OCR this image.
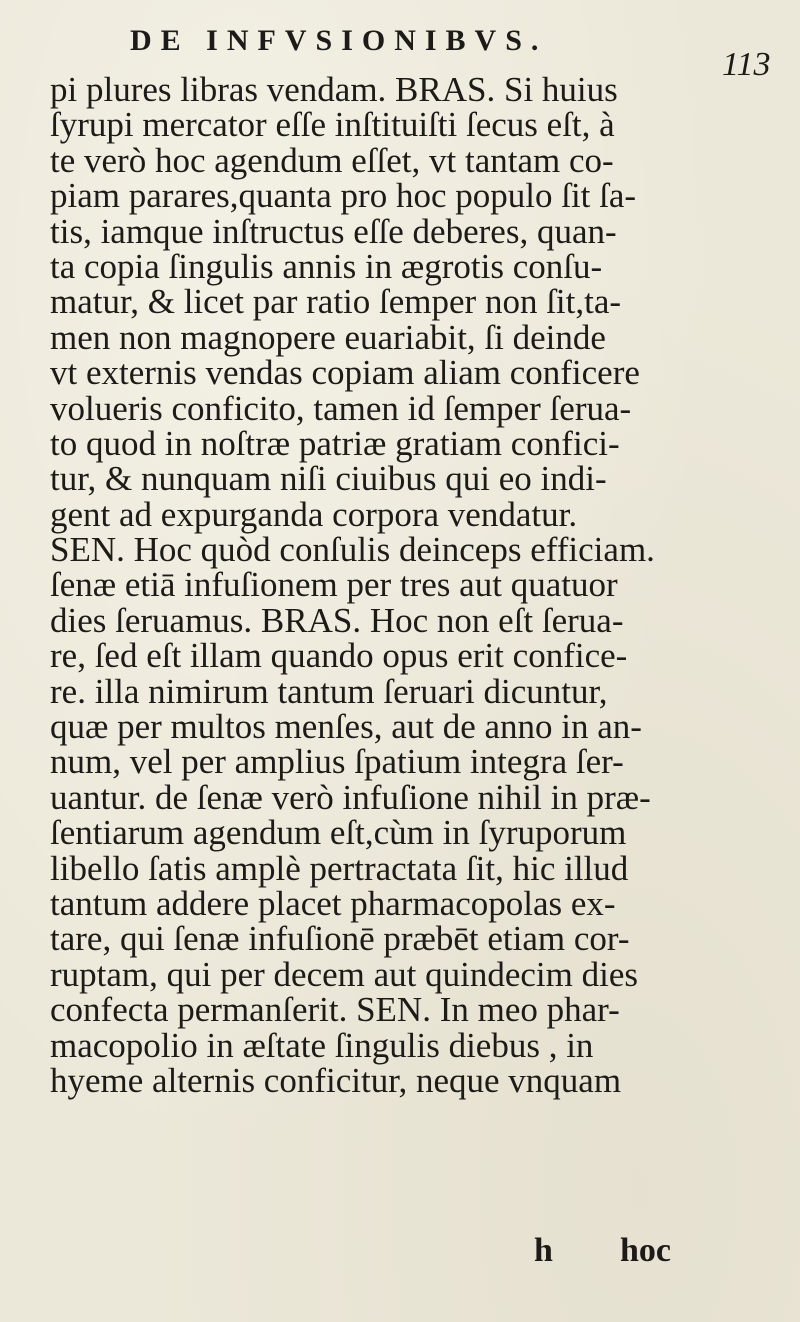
DE INFVSIONIBVS.
113
pi plures libras vendam. BRAS. Si huius
ſyrupi mercator eſſe inſtituiſti ſecus eſt, à
te verò hoc agendum eſſet, vt tantam co-
piam parares,quanta pro hoc populo ſit ſa-
tis, iamque inſtructus eſſe deberes, quan-
ta copia ſingulis annis in ægrotis conſu-
matur, & licet par ratio ſemper non ſit,ta-
men non magnopere euariabit, ſi deinde
vt externis vendas copiam aliam conficere
volueris conficito, tamen id ſemper ſerua-
to quod in noſtræ patriæ gratiam confici-
tur, & nunquam niſi ciuibus qui eo indi-
gent ad expurganda corpora vendatur.
SEN. Hoc quòd conſulis deinceps efficiam.
ſenæ etiā infuſionem per tres aut quatuor
dies ſeruamus. BRAS. Hoc non eſt ſerua-
re, ſed eſt illam quando opus erit confice-
re. illa nimirum tantum ſeruari dicuntur,
quæ per multos menſes, aut de anno in an-
num, vel per amplius ſpatium integra ſer-
uantur. de ſenæ verò infuſione nihil in præ-
ſentiarum agendum eſt,cùm in ſyruporum
libello ſatis amplè pertractata ſit, hic illud
tantum addere placet pharmacopolas ex-
tare, qui ſenæ infuſionē præbēt etiam cor-
ruptam, qui per decem aut quindecim dies
confecta permanſerit. SEN. In meo phar-
macopolio in æſtate ſingulis diebus , in
hyeme alternis conficitur, neque vnquam
h hoc
